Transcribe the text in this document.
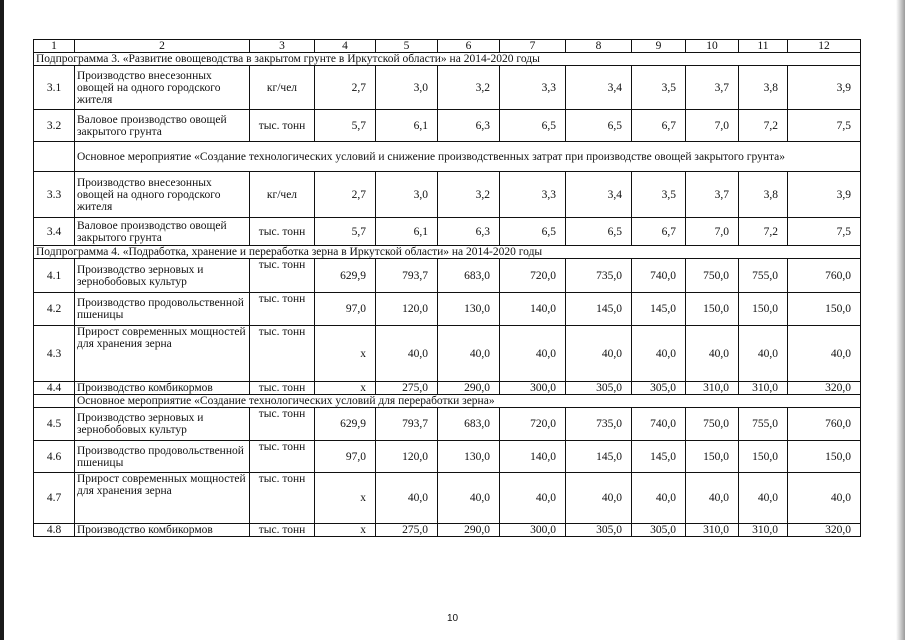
1	2	3	4	5	6	7	8	9	10	11	12
Подпрограмма 3. «Развитие овощеводства в закрытом грунте в Иркутской области» на 2014-2020 годы											
3.1	Производство внесезонных овощей на одного городского жителя	кг/чел	2,7	3,0	3,2	3,3	3,4	3,5	3,7	3,8	3,9
3.2	Валовое производство овощей закрытого грунта	тыс. тонн	5,7	6,1	6,3	6,5	6,5	6,7	7,0	7,2	7,5
	Основное мероприятие «Создание технологических условий и снижение производственных затрат при производстве овощей закрытого грунта»										
3.3	Производство внесезонных овощей на одного городского жителя	кг/чел	2,7	3,0	3,2	3,3	3,4	3,5	3,7	3,8	3,9
3.4	Валовое производство овощей закрытого грунта	тыс. тонн	5,7	6,1	6,3	6,5	6,5	6,7	7,0	7,2	7,5
Подпрограмма 4. «Подработка, хранение и переработка зерна в Иркутской области» на 2014-2020 годы											
4.1	Производство зерновых и зернобобовых культур	тыс. тонн	629,9	793,7	683,0	720,0	735,0	740,0	750,0	755,0	760,0
4.2	Производство продовольственной пшеницы	тыс. тонн	97,0	120,0	130,0	140,0	145,0	145,0	150,0	150,0	150,0
4.3	Прирост современных мощностей для хранения зерна	тыс. тонн	х	40,0	40,0	40,0	40,0	40,0	40,0	40,0	40,0
4.4	Производство комбикормов	тыс. тонн	х	275,0	290,0	300,0	305,0	305,0	310,0	310,0	320,0
	Основное мероприятие «Создание технологических условий для переработки зерна»										
4.5	Производство зерновых и зернобобовых культур	тыс. тонн	629,9	793,7	683,0	720,0	735,0	740,0	750,0	755,0	760,0
4.6	Производство продовольственной пшеницы	тыс. тонн	97,0	120,0	130,0	140,0	145,0	145,0	150,0	150,0	150,0
4.7	Прирост современных мощностей для хранения зерна	тыс. тонн	х	40,0	40,0	40,0	40,0	40,0	40,0	40,0	40,0
4.8	Производство комбикормов	тыс. тонн	х	275,0	290,0	300,0	305,0	305,0	310,0	310,0	320,0
10
